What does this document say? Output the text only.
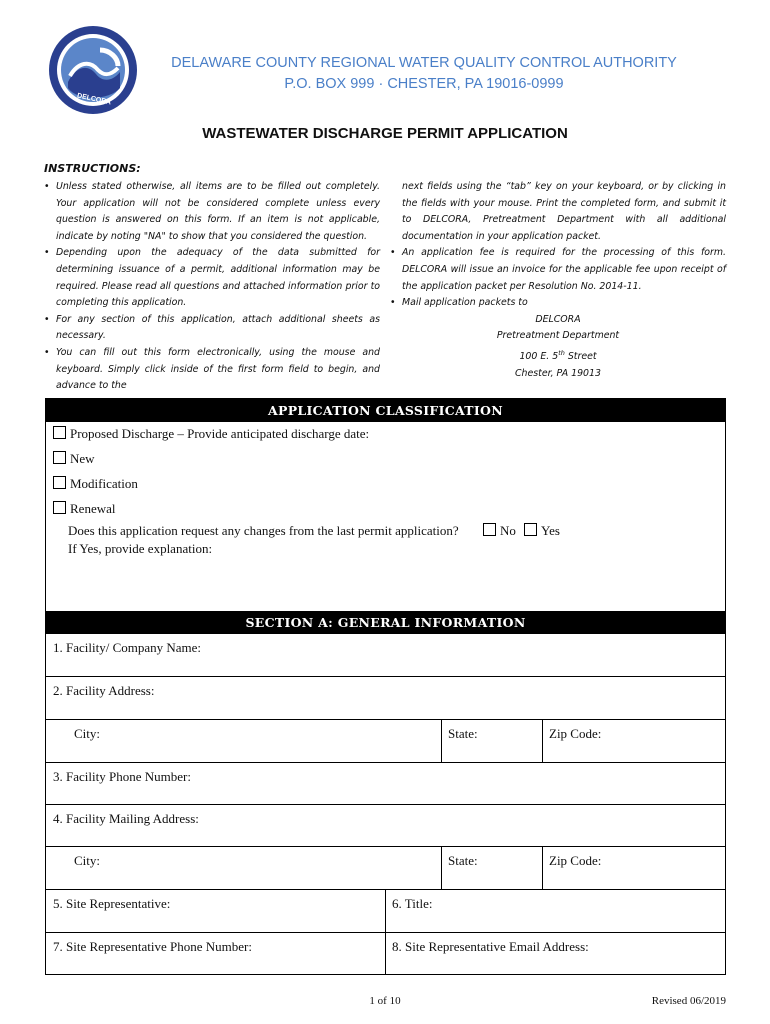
DELCORA
DELAWARE COUNTY REGIONAL WATER QUALITY CONTROL AUTHORITY
P.O. BOX 999 · CHESTER, PA 19016-0999
WASTEWATER DISCHARGE PERMIT APPLICATION
INSTRUCTIONS:
• Unless stated otherwise, all items are to be filled out completely. Your application will not be considered complete unless every question is answered on this form. If an item is not applicable, indicate by noting "NA" to show that you considered the question.
• Depending upon the adequacy of the data submitted for determining issuance of a permit, additional information may be required. Please read all questions and attached information prior to completing this application.
• For any section of this application, attach additional sheets as necessary.
• You can fill out this form electronically, using the mouse and keyboard. Simply click inside of the first form field to begin, and advance to the
next fields using the “tab” key on your keyboard, or by clicking in the fields with your mouse. Print the completed form, and submit it to DELCORA, Pretreatment Department with all additional documentation in your application packet.
• An application fee is required for the processing of this form. DELCORA will issue an invoice for the applicable fee upon receipt of the application packet per Resolution No. 2014-11.
• Mail application packets to
DELCORA
Pretreatment Department
100 E. 5th Street
Chester, PA 19013
APPLICATION CLASSIFICATION
Proposed Discharge – Provide anticipated discharge date:
New
Modification
Renewal
Does this application request any changes from the last permit application?	No	Yes
If Yes, provide explanation:
SECTION A: GENERAL INFORMATION
1. Facility/ Company Name:
2. Facility Address:
City:	State:	Zip Code:
3. Facility Phone Number:
4. Facility Mailing Address:
City:	State:	Zip Code:
5. Site Representative:	6. Title:
7. Site Representative Phone Number:	8. Site Representative Email Address:
1 of 10	Revised 06/2019
